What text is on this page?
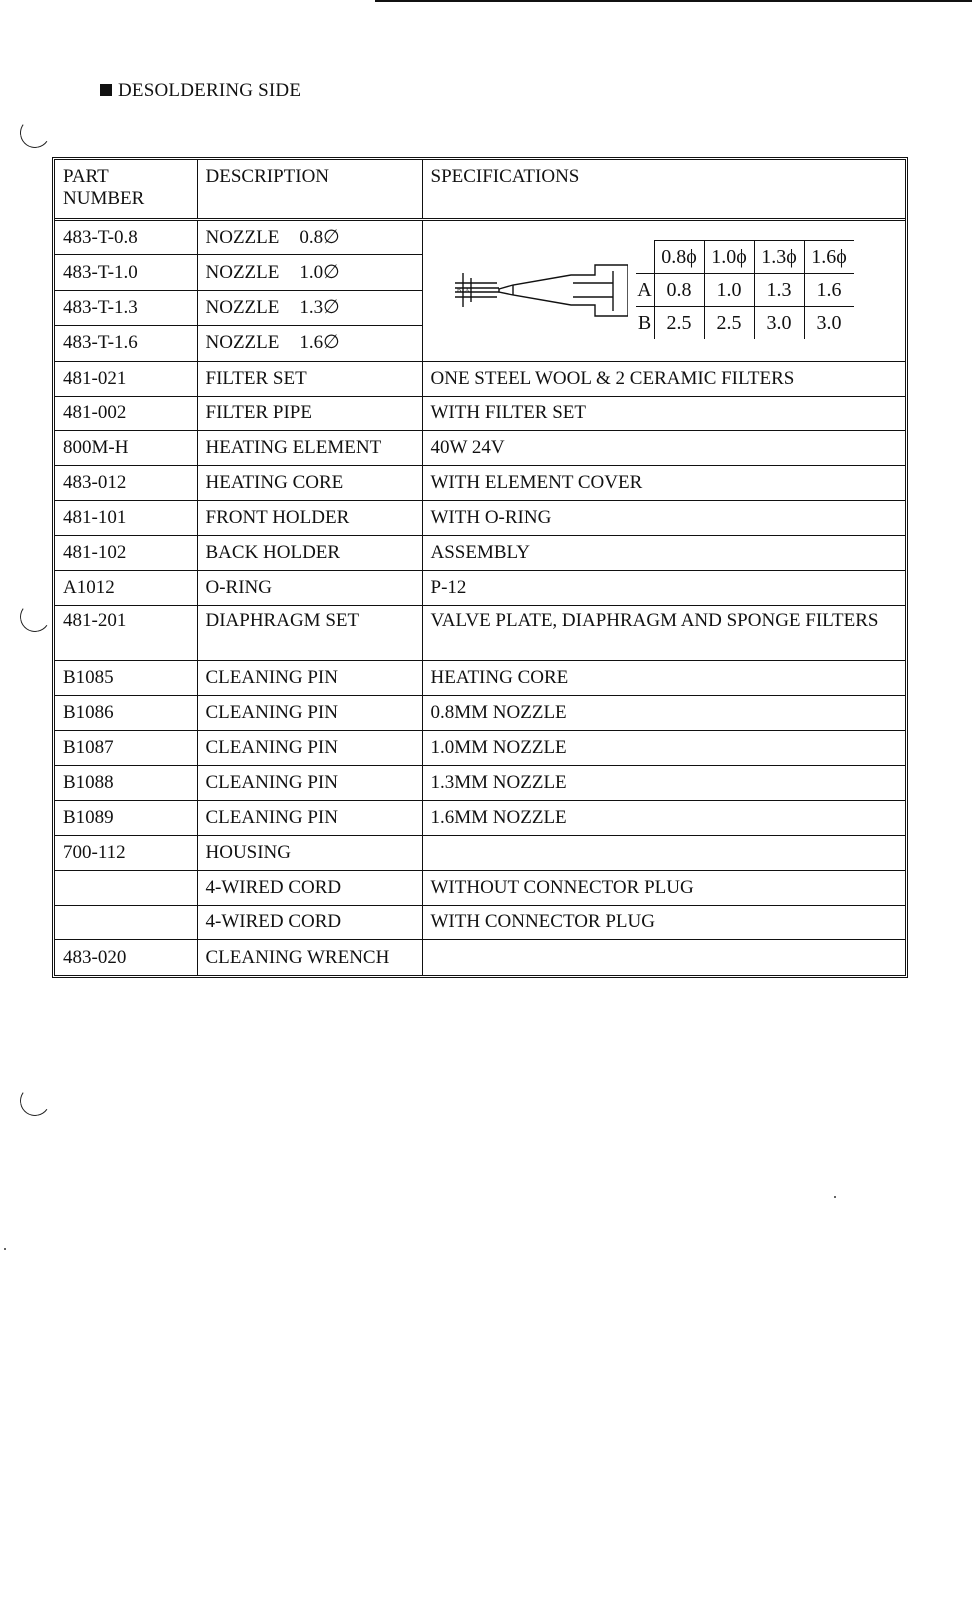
DESOLDERING SIDE
PART
NUMBER	DESCRIPTION	SPECIFICATIONS
483-T-0.8	NOZZLE 0.8∅	
B A
	0.8ϕ	1.0ϕ	1.3ϕ	1.6ϕ
A	0.8	1.0	1.3	1.6
B	2.5	2.5	3.0	3.0

483-T-1.0	NOZZLE 1.0∅
483-T-1.3	NOZZLE 1.3∅
483-T-1.6	NOZZLE 1.6∅
481-021	FILTER SET	ONE STEEL WOOL & 2 CERAMIC FILTERS
481-002	FILTER PIPE	WITH FILTER SET
800M-H	HEATING ELEMENT	40W 24V
483-012	HEATING CORE	WITH ELEMENT COVER
481-101	FRONT HOLDER	WITH O-RING
481-102	BACK HOLDER	ASSEMBLY
A1012	O-RING	P-12
481-201	DIAPHRAGM SET	VALVE PLATE, DIAPHRAGM AND SPONGE FILTERS
B1085	CLEANING PIN	HEATING CORE
B1086	CLEANING PIN	0.8MM NOZZLE
B1087	CLEANING PIN	1.0MM NOZZLE
B1088	CLEANING PIN	1.3MM NOZZLE
B1089	CLEANING PIN	1.6MM NOZZLE
700-112	HOUSING	
	4-WIRED CORD	WITHOUT CONNECTOR PLUG
	4-WIRED CORD	WITH CONNECTOR PLUG
483-020	CLEANING WRENCH	
